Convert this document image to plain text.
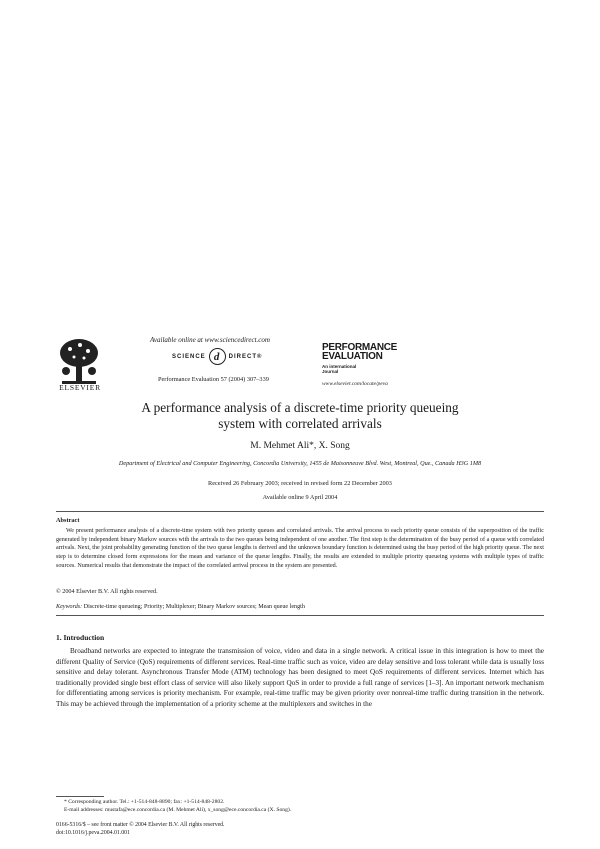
ELSEVIER
Available online at www.sciencedirect.com
SCIENCE d	DIRECT®
Performance Evaluation 57 (2004) 307–339
PERFORMANCE
EVALUATION
An international
Journal
www.elsevier.com/locate/peva
A performance analysis of a discrete-time priority queueing system with correlated arrivals
M. Mehmet Ali*, X. Song
Department of Electrical and Computer Engineering, Concordia University, 1455 de Maisonneuve Blvd. West, Montreal, Que., Canada H3G 1M8
Received 26 February 2003; received in revised form 22 December 2003
Available online 9 April 2004
Abstract
We present performance analysis of a discrete-time system with two priority queues and correlated arrivals. The arrival process to each priority queue consists of the superposition of the traffic generated by independent binary Markov sources with the arrivals to the two queues being independent of one another. The first step is the determination of the busy period of a queue with correlated arrivals. Next, the joint probability generating function of the two queue lengths is derived and the unknown boundary function is determined using the busy period of the high priority queue. The next step is to determine closed form expressions for the mean and variance of the queue lengths. Finally, the results are extended to multiple priority queueing systems with multiple types of traffic sources. Numerical results that demonstrate the impact of the correlated arrival process in the system are presented.
© 2004 Elsevier B.V. All rights reserved.
Keywords: Discrete-time queueing; Priority; Multiplexer; Binary Markov sources; Mean queue length
1. Introduction
Broadband networks are expected to integrate the transmission of voice, video and data in a single network. A critical issue in this integration is how to meet the different Quality of Service (QoS) requirements of different services. Real-time traffic such as voice, video are delay sensitive and loss tolerant while data is usually loss sensitive and delay tolerant. Asynchronous Transfer Mode (ATM) technology has been designed to meet QoS requirements of different services. Internet which has traditionally provided single best effort class of service will also likely support QoS in order to provide a full range of services [1–3]. An important network mechanism for differentiating among services is priority mechanism. For example, real-time traffic may be given priority over nonreal-time traffic during transition in the network. This may be achieved through the implementation of a priority scheme at the multiplexers and switches in the
* Corresponding author. Tel.: +1-514-848-8890; fax: +1-514-848-2802.
E-mail addresses: mustafa@ece.concordia.ca (M. Mehmet Ali), x_song@ece.concordia.ca (X. Song).
0166-5316/$ – see front matter © 2004 Elsevier B.V. All rights reserved.
doi:10.1016/j.peva.2004.01.001
